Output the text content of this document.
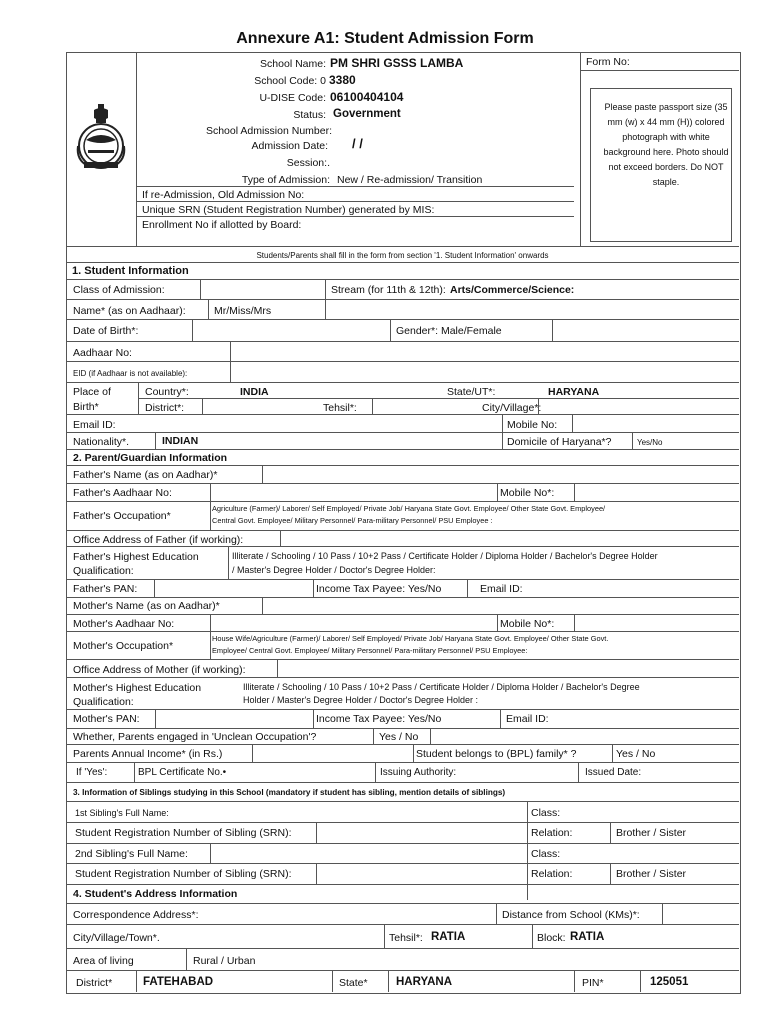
Annexure A1: Student Admission Form
School Name: PM SHRI GSSS LAMBA
School Code: 0 3380
U-DISE Code: 06100404104
Status: Government
School Admission Number:
Admission Date: / /
Session:.
Type of Admission: New / Re-admission/ Transition
If re-Admission, Old Admission No:
Unique SRN (Student Registration Number) generated by MIS:
Enrollment No if allotted by Board:
Form No:
Please paste passport size (35 mm (w) x 44 mm (H)) colored photograph with white background here. Photo should not exceed borders. Do NOT staple.
Students/Parents shall fill in the form from section '1. Student Information' onwards
1. Student Information
Class of Admission:	Stream (for 11th & 12th): Arts/Commerce/Science:
Name* (as on Aadhaar):	Mr/Miss/Mrs
Date of Birth*:	Gender*: Male/Female
Aadhaar No:
EID (if Aadhaar is not available):
Place of
Birth*
Country*:	INDIA	State/UT*:	HARYANA
District*:	Tehsil*:	City/Village*:
Email ID:	Mobile No:
Nationality*.	INDIAN	Domicile of Haryana*?	Yes/No
2. Parent/Guardian Information
Father's Name (as on Aadhar)*
Father's Aadhaar No:	Mobile No*:
Father's Occupation*
Agriculture (Farmer)/ Laborer/ Self Employed/ Private Job/ Haryana State Govt. Employee/ Other State Govt. Employee/
Central Govt. Employee/ Military Personnel/ Para-military Personnel/ PSU Employee :
Office Address of Father (if working):
Father's Highest Education
Qualification:
Illiterate / Schooling / 10 Pass / 10+2 Pass / Certificate Holder / Diploma Holder / Bachelor's Degree Holder
/ Master's Degree Holder / Doctor's Degree Holder:
Father's PAN:	Income Tax Payee: Yes/No	Email ID:
Mother's Name (as on Aadhar)*
Mother's Aadhaar No:	Mobile No*:
Mother's Occupation*
House Wife/Agriculture (Farmer)/ Laborer/ Self Employed/ Private Job/ Haryana State Govt. Employee/ Other State Govt.
Employee/ Central Govt. Employee/ Military Personnel/ Para-military Personnel/ PSU Employee:
Office Address of Mother (if working):
Mother's Highest Education
Qualification:
Illiterate / Schooling / 10 Pass / 10+2 Pass / Certificate Holder / Diploma Holder / Bachelor's Degree
Holder / Master's Degree Holder / Doctor's Degree Holder :
Mother's PAN:	Income Tax Payee: Yes/No	Email ID:
Whether, Parents engaged in 'Unclean Occupation'?	Yes / No
Parents Annual Income* (in Rs.)	Student belongs to (BPL) family* ?	Yes / No
If 'Yes':	BPL Certificate No.•	Issuing Authority:	Issued Date:
3. Information of Siblings studying in this School (mandatory if student has sibling, mention details of siblings)
1st Sibling's Full Name:	Class:
Student Registration Number of Sibling (SRN):	Relation:	Brother / Sister
2nd Sibling's Full Name:	Class:
Student Registration Number of Sibling (SRN):	Relation:	Brother / Sister
4. Student's Address Information
Correspondence Address*:	Distance from School (KMs)*:
City/Village/Town*.	Tehsil*: RATIA	Block: RATIA
Area of living	Rural / Urban
District*	FATEHABAD	State* HARYANA	PIN*	125051
